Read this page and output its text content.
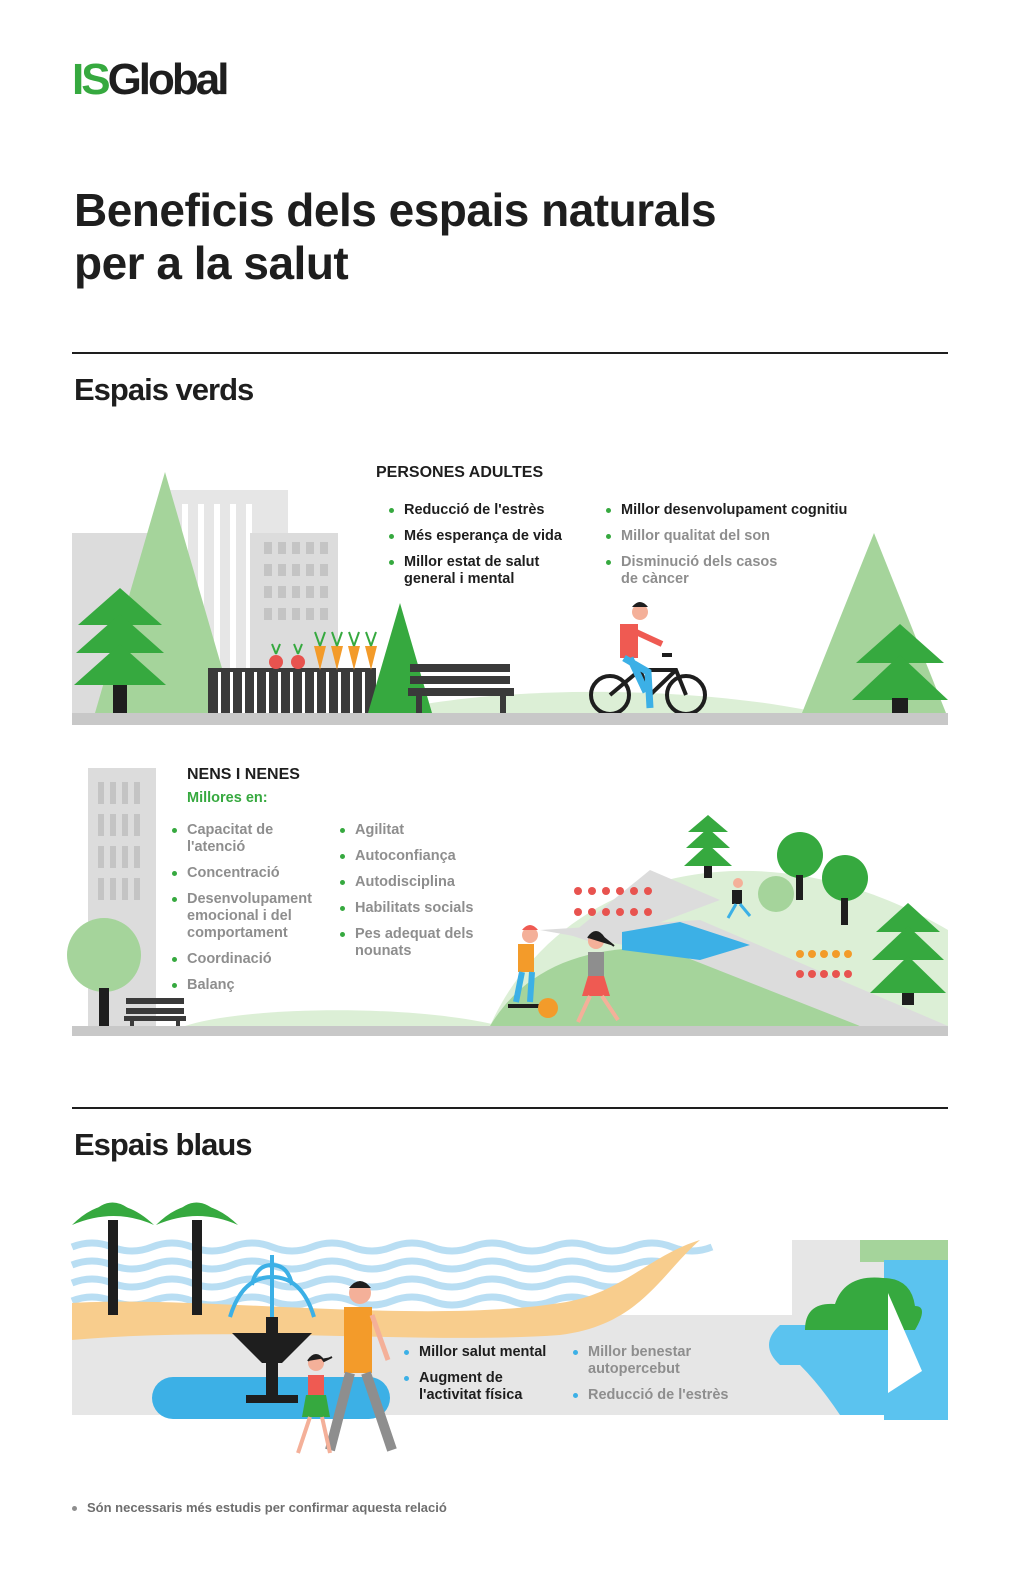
ISGlobal
Beneficis dels espais naturals
per a la salut
Espais verds

PERSONES ADULTES

Reducció de l'estrès
Més esperança de vida
Millor estat de salut general i mental
Millor desenvolupament cognitiu
Millor qualitat del son
Disminució dels casos de càncer

NENS I NENES

Millores en:
Capacitat de l'atenció
Concentració
Desenvolupament emocional i del comportament
Coordinació
Balanç
Agilitat
Autoconfiança
Autodisciplina
Habilitats socials
Pes adequat dels nounats
Espais blaus
Millor salut mental
Augment de l'activitat física
Millor benestar autopercebut
Reducció de l'estrès
Són necessaris més estudis per confirmar aquesta relació
